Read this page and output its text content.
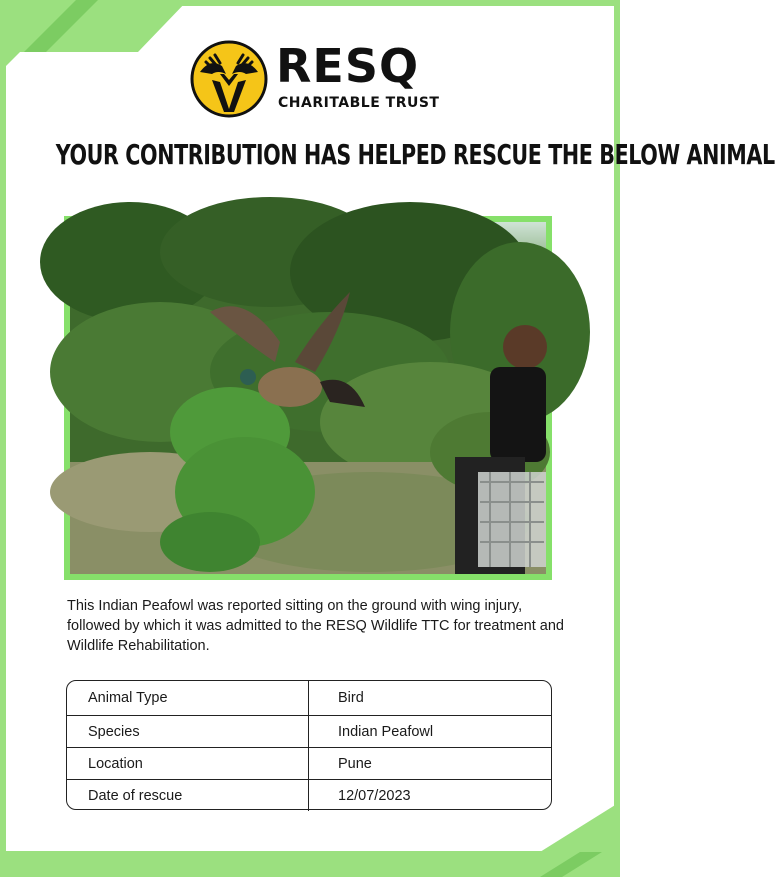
RESQ
CHARITABLE TRUST
YOUR CONTRIBUTION HAS HELPED RESCUE THE BELOW ANIMAL
This Indian Peafowl was reported sitting on the ground with wing injury, followed by which it was admitted to the RESQ Wildlife TTC for treatment and Wildlife Rehabilitation.
Animal Type	Bird
Species	Indian Peafowl
Location	Pune
Date of rescue	12/07/2023
